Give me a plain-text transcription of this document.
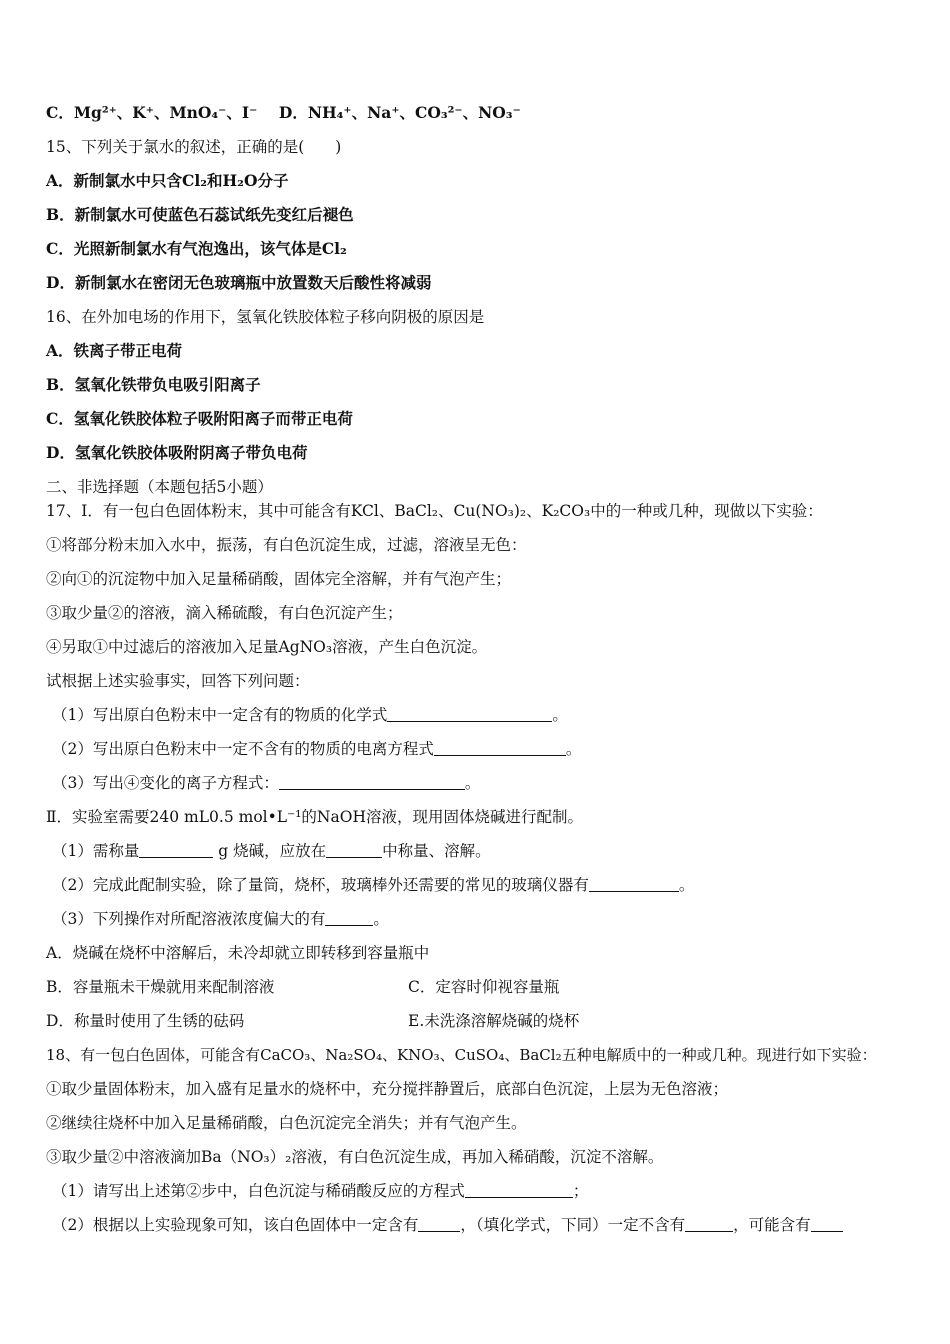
C．Mg²⁺、K⁺、MnO₄⁻、I⁻ D．NH₄⁺、Na⁺、CO₃²⁻、NO₃⁻
15、下列关于氯水的叙述，正确的是(　　)
A．新制氯水中只含Cl₂和H₂O分子
B．新制氯水可使蓝色石蕊试纸先变红后褪色
C．光照新制氯水有气泡逸出，该气体是Cl₂
D．新制氯水在密闭无色玻璃瓶中放置数天后酸性将减弱
16、在外加电场的作用下，氢氧化铁胶体粒子移向阴极的原因是
A．铁离子带正电荷
B．氢氧化铁带负电吸引阳离子
C．氢氧化铁胶体粒子吸附阳离子而带正电荷
D．氢氧化铁胶体吸附阴离子带负电荷
二、非选择题（本题包括5小题）
17、Ⅰ．有一包白色固体粉末，其中可能含有KCl、BaCl₂、Cu(NO₃)₂、K₂CO₃中的一种或几种，现做以下实验：
①将部分粉末加入水中，振荡，有白色沉淀生成，过滤，溶液呈无色：
②向①的沉淀物中加入足量稀硝酸，固体完全溶解，并有气泡产生；
③取少量②的溶液，滴入稀硫酸，有白色沉淀产生；
④另取①中过滤后的溶液加入足量AgNO₃溶液，产生白色沉淀。
试根据上述实验事实，回答下列问题：
（1）写出原白色粉末中一定含有的物质的化学式	。
（2）写出原白色粉末中一定不含有的物质的电离方程式	。
（3）写出④变化的离子方程式：	。
Ⅱ．实验室需要240 mL0.5 mol•L⁻¹的NaOH溶液，现用固体烧碱进行配制。
（1）需称量	g 烧碱，应放在	中称量、溶解。
（2）完成此配制实验，除了量筒，烧杯，玻璃棒外还需要的常见的玻璃仪器有	。
（3）下列操作对所配溶液浓度偏大的有	。
A．烧碱在烧杯中溶解后，未冷却就立即转移到容量瓶中
B．容量瓶未干燥就用来配制溶液	C．定容时仰视容量瓶
D．称量时使用了生锈的砝码	E.未洗涤溶解烧碱的烧杯
18、有一包白色固体，可能含有CaCO₃、Na₂SO₄、KNO₃、CuSO₄、BaCl₂五种电解质中的一种或几种。现进行如下实验：
①取少量固体粉末，加入盛有足量水的烧杯中，充分搅拌静置后，底部白色沉淀，上层为无色溶液；
②继续往烧杯中加入足量稀硝酸，白色沉淀完全消失；并有气泡产生。
③取少量②中溶液滴加Ba（NO₃）₂溶液，有白色沉淀生成，再加入稀硝酸，沉淀不溶解。
（1）请写出上述第②步中，白色沉淀与稀硝酸反应的方程式	；
（2）根据以上实验现象可知，该白色固体中一定含有	，（填化学式，下同）一定不含有	，可能含有
